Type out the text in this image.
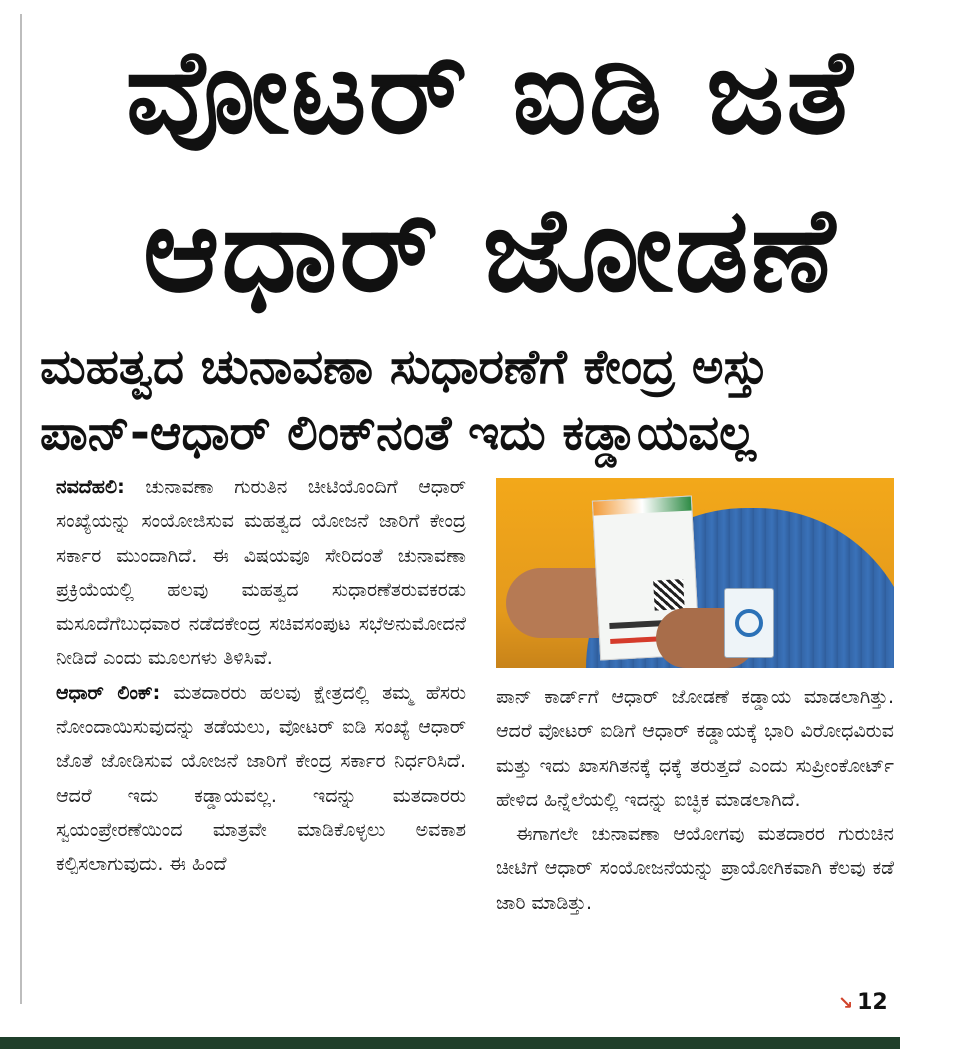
ವೋಟರ್ ಐಡಿ ಜತೆ
ಆಧಾರ್ ಜೋಡಣೆ
ಮಹತ್ವದ ಚುನಾವಣಾ ಸುಧಾರಣೆಗೆ ಕೇಂದ್ರ ಅಸ್ತು
ಪಾನ್-ಆಧಾರ್ ಲಿಂಕ್‌ನಂತೆ ಇದು ಕಡ್ಡಾಯವಲ್ಲ

ನವದೆಹಲಿ: ಚುನಾವಣಾ ಗುರುತಿನ ಚೀಟಿಯೊಂದಿಗೆ ಆಧಾರ್ ಸಂಖ್ಯೆಯನ್ನು ಸಂಯೋಜಿಸುವ ಮಹತ್ವದ ಯೋಜನೆ ಜಾರಿಗೆ ಕೇಂದ್ರ ಸರ್ಕಾರ ಮುಂದಾಗಿದೆ. ಈ ವಿಷಯವೂ ಸೇರಿದಂತೆ ಚುನಾವಣಾ ಪ್ರಕ್ರಿಯೆಯಲ್ಲಿ ಹಲವು ಮಹತ್ವದ ಸುಧಾರಣೆತರುವಕರಡು ಮಸೂದೆಗೆಬುಧವಾರ ನಡೆದಕೇಂದ್ರ ಸಚಿವಸಂಪುಟ ಸಭೆಅನುಮೋದನೆ ನೀಡಿದೆ ಎಂದು ಮೂಲಗಳು ತಿಳಿಸಿವೆ.

ಆಧಾರ್ ಲಿಂಕ್: ಮತದಾರರು ಹಲವು ಕ್ಷೇತ್ರದಲ್ಲಿ ತಮ್ಮ ಹೆಸರು ನೋಂದಾಯಿಸುವುದನ್ನು ತಡೆಯಲು, ವೋಟರ್ ಐಡಿ ಸಂಖ್ಯೆ ಆಧಾರ್ ಜೊತೆ ಜೋಡಿಸುವ ಯೋಜನೆ ಜಾರಿಗೆ ಕೇಂದ್ರ ಸರ್ಕಾರ ನಿರ್ಧರಿಸಿದೆ. ಆದರೆ ಇದು ಕಡ್ಡಾಯವಲ್ಲ. ಇದನ್ನು ಮತದಾರರು ಸ್ವಯಂಪ್ರೇರಣೆಯಿಂದ ಮಾತ್ರವೇ ಮಾಡಿಕೊಳ್ಳಲು ಅವಕಾಶ ಕಲ್ಪಿಸಲಾಗುವುದು. ಈ ಹಿಂದೆ

ಪಾನ್ ಕಾರ್ಡ್‌ಗೆ ಆಧಾರ್ ಜೋಡಣೆ ಕಡ್ಡಾಯ ಮಾಡಲಾಗಿತ್ತು. ಆದರೆ ವೋಟರ್ ಐಡಿಗೆ ಆಧಾರ್ ಕಡ್ಡಾಯಕ್ಕೆ ಭಾರಿ ವಿರೋಧವಿರುವ ಮತ್ತು ಇದು ಖಾಸಗಿತನಕ್ಕೆ ಧಕ್ಕೆ ತರುತ್ತದೆ ಎಂದು ಸುಪ್ರೀಂಕೋರ್ಟ್ ಹೇಳಿದ ಹಿನ್ನೆಲೆಯಲ್ಲಿ ಇದನ್ನು ಐಚ್ಛಿಕ ಮಾಡಲಾಗಿದೆ.

ಈಗಾಗಲೇ ಚುನಾವಣಾ ಆಯೋಗವು ಮತದಾರರ ಗುರುಚಿನ ಚೀಟಿಗೆ ಆಧಾರ್ ಸಂಯೋಜನೆಯನ್ನು ಪ್ರಾಯೋಗಿಕವಾಗಿ ಕೆಲವು ಕಡೆ ಜಾರಿ ಮಾಡಿತ್ತು.

↘ 12
